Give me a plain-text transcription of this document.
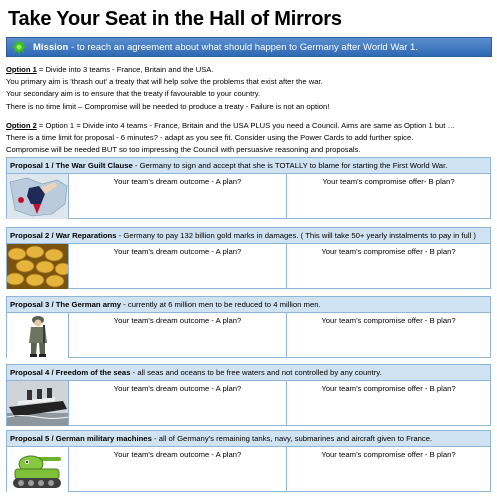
Take Your Seat in the Hall of Mirrors
Mission - to reach an agreement about what should happen to Germany after World War 1.

Option 1 = Divide into 3 teams - France, Britain and the USA.

You primary aim is 'thrash out' a treaty that will help solve the problems that exist after the war.

Your secondary aim is to ensure that the treaty if favourable to your country.

There is no time limit – Compromise will be needed to produce a treaty - Failure is not an option!

Option 2 = Option 1 = Divide into 4 teams - France, Britain and the USA PLUS you need a Council. Aims are same as Option 1 but …

There is a time limit for proposal - 6 minutes? - adapt as you see fit. Consider using the Power Cards to add further spice.

Compromise will be needed BUT so too impressing the Council with persuasive reasoning and proposals.

Proposal 1 / The War Guilt Clause - Germany to sign and accept that she is TOTALLY to blame for starting the First World War.
Your team's dream outcome - A plan?	Your team's compromise offer- B plan?
Proposal 2 / War Reparations - Germany to pay 132 billion gold marks in damages. ( This will take 50+ yearly instalments to pay in full )
Your team's dream outcome - A plan?	Your team's compromise offer - B plan?
Proposal 3 / The German army - currently at 6 million men to be reduced to 4 million men.
Your team's dream outcome - A plan?	Your team's compromise offer - B plan?
Proposal 4 / Freedom of the seas - all seas and oceans to be free waters and not controlled by any country.
Your team's dream outcome - A plan?	Your team's compromise offer - B plan?
Proposal 5 / German military machines - all of Germany's remaining tanks, navy, submarines and aircraft given to France.
Your team's dream outcome - A plan?	Your team's compromise offer - B plan?
